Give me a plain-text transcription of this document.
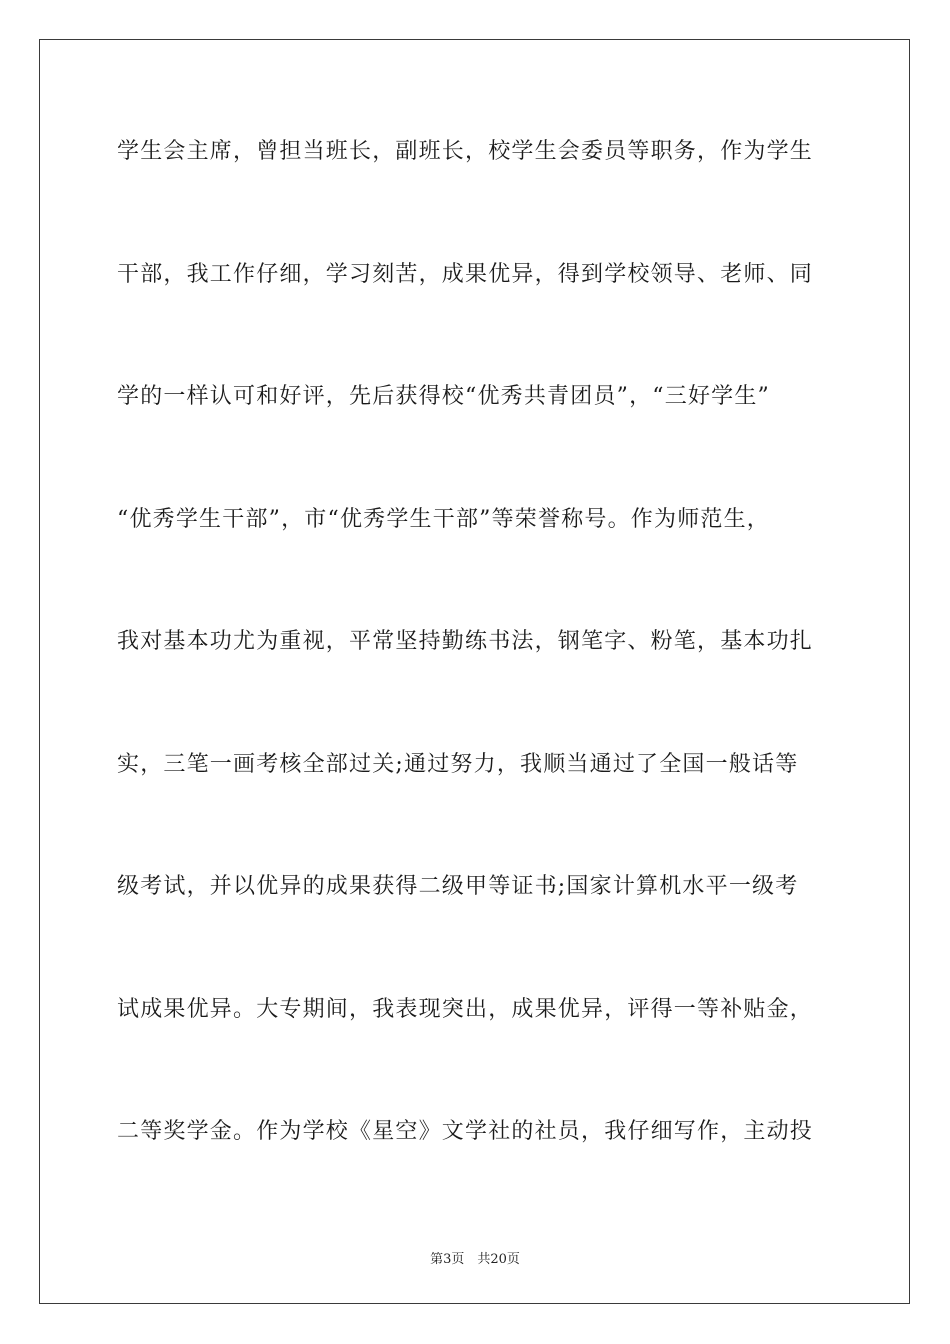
学生会主席，曾担当班长，副班长，校学生会委员等职务，作为学生
干部，我工作仔细，学习刻苦，成果优异，得到学校领导、老师、同
学的一样认可和好评，先后获得校“优秀共青团员”，“三好学生”
“优秀学生干部”，市“优秀学生干部”等荣誉称号。作为师范生，
我对基本功尤为重视，平常坚持勤练书法，钢笔字、粉笔，基本功扎
实，三笔一画考核全部过关;通过努力，我顺当通过了全国一般话等
级考试，并以优异的成果获得二级甲等证书;国家计算机水平一级考
试成果优异。大专期间，我表现突出，成果优异，评得一等补贴金，
二等奖学金。作为学校《星空》文学社的社员，我仔细写作，主动投
第3页　共20页
